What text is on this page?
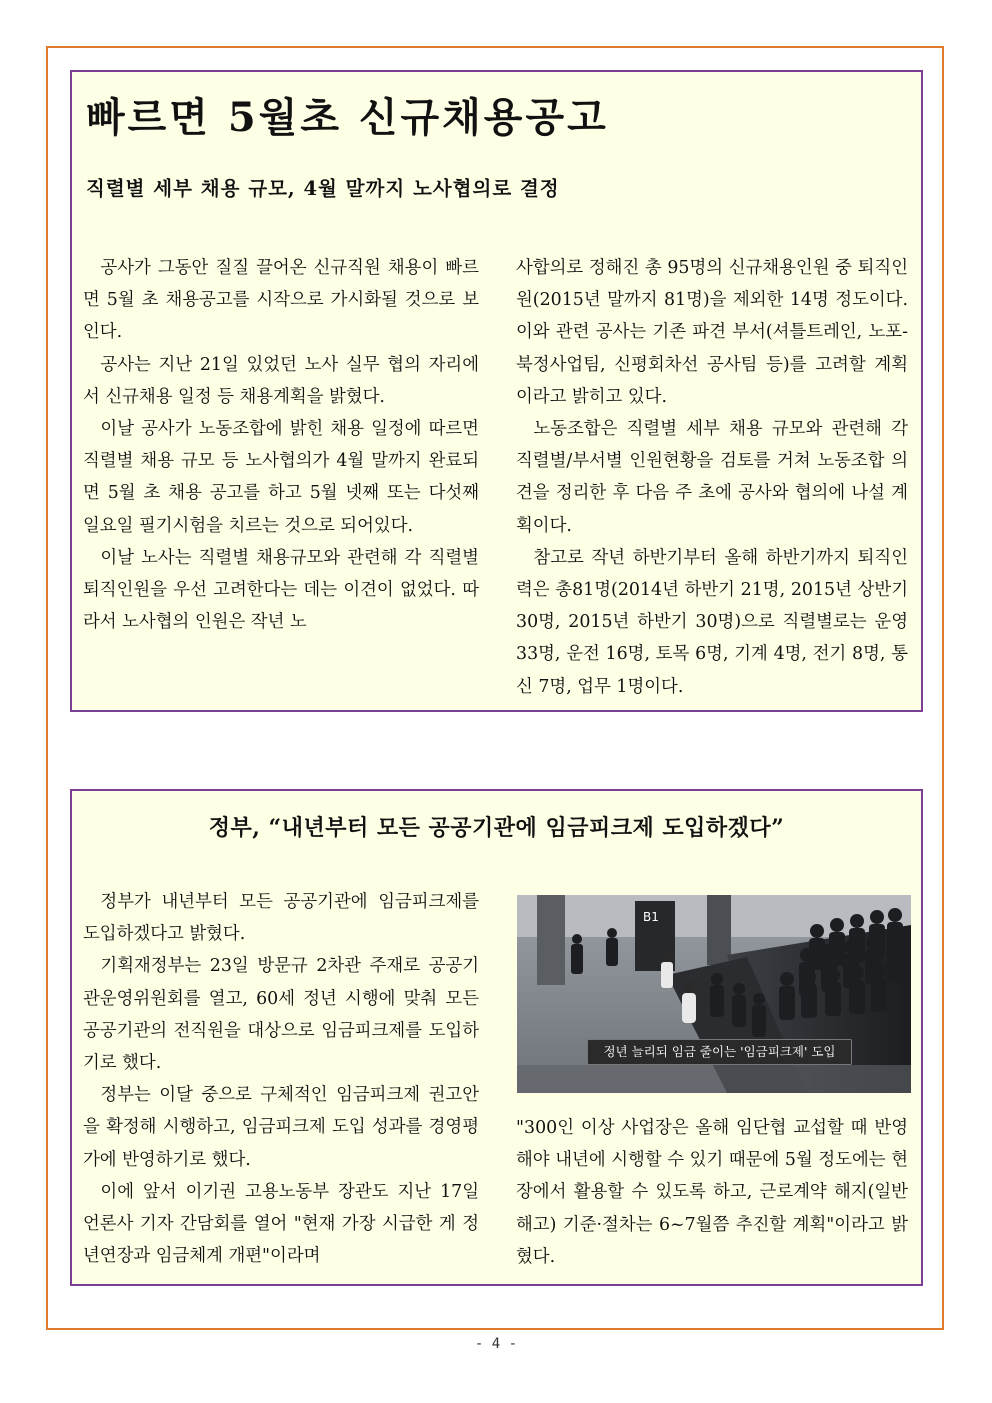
빠르면 5월초 신규채용공고
직렬별 세부 채용 규모, 4월 말까지 노사협의로 결정

공사가 그동안 질질 끌어온 신규직원 채용이 빠르면 5월 초 채용공고를 시작으로 가시화될 것으로 보인다.

공사는 지난 21일 있었던 노사 실무 협의 자리에서 신규채용 일정 등 채용계획을 밝혔다.

이날 공사가 노동조합에 밝힌 채용 일정에 따르면 직렬별 채용 규모 등 노사협의가 4월 말까지 완료되면 5월 초 채용 공고를 하고 5월 넷째 또는 다섯째 일요일 필기시험을 치르는 것으로 되어있다.

이날 노사는 직렬별 채용규모와 관련해 각 직렬별 퇴직인원을 우선 고려한다는 데는 이견이 없었다. 따라서 노사협의 인원은 작년 노

사합의로 정해진 총 95명의 신규채용인원 중 퇴직인원(2015년 말까지 81명)을 제외한 14명 정도이다. 이와 관련 공사는 기존 파견 부서(셔틀트레인, 노포-북정사업팀, 신평회차선 공사팀 등)를 고려할 계획이라고 밝히고 있다.

노동조합은 직렬별 세부 채용 규모와 관련해 각 직렬별/부서별 인원현황을 검토를 거쳐 노동조합 의견을 정리한 후 다음 주 초에 공사와 협의에 나설 계획이다.

참고로 작년 하반기부터 올해 하반기까지 퇴직인력은 총81명(2014년 하반기 21명, 2015년 상반기 30명, 2015년 하반기 30명)으로 직렬별로는 운영 33명, 운전 16명, 토목 6명, 기계 4명, 전기 8명, 통신 7명, 업무 1명이다.

정부, “내년부터 모든 공공기관에 임금피크제 도입하겠다”

정부가 내년부터 모든 공공기관에 임금피크제를 도입하겠다고 밝혔다.

기획재정부는 23일 방문규 2차관 주재로 공공기관운영위원회를 열고, 60세 정년 시행에 맞춰 모든 공공기관의 전직원을 대상으로 임금피크제를 도입하기로 했다.

정부는 이달 중으로 구체적인 임금피크제 권고안을 확정해 시행하고, 임금피크제 도입 성과를 경영평가에 반영하기로 했다.

이에 앞서 이기권 고용노동부 장관도 지난 17일 언론사 기자 간담회를 열어 "현재 가장 시급한 게 정년연장과 임금체계 개편"이라며

B1
정년 늘리되 임금 줄이는 '임금피크제' 도입

"300인 이상 사업장은 올해 임단협 교섭할 때 반영해야 내년에 시행할 수 있기 때문에 5월 정도에는 현장에서 활용할 수 있도록 하고, 근로계약 해지(일반해고) 기준·절차는 6~7월쯤 추진할 계획"이라고 밝혔다.

- 4 -
